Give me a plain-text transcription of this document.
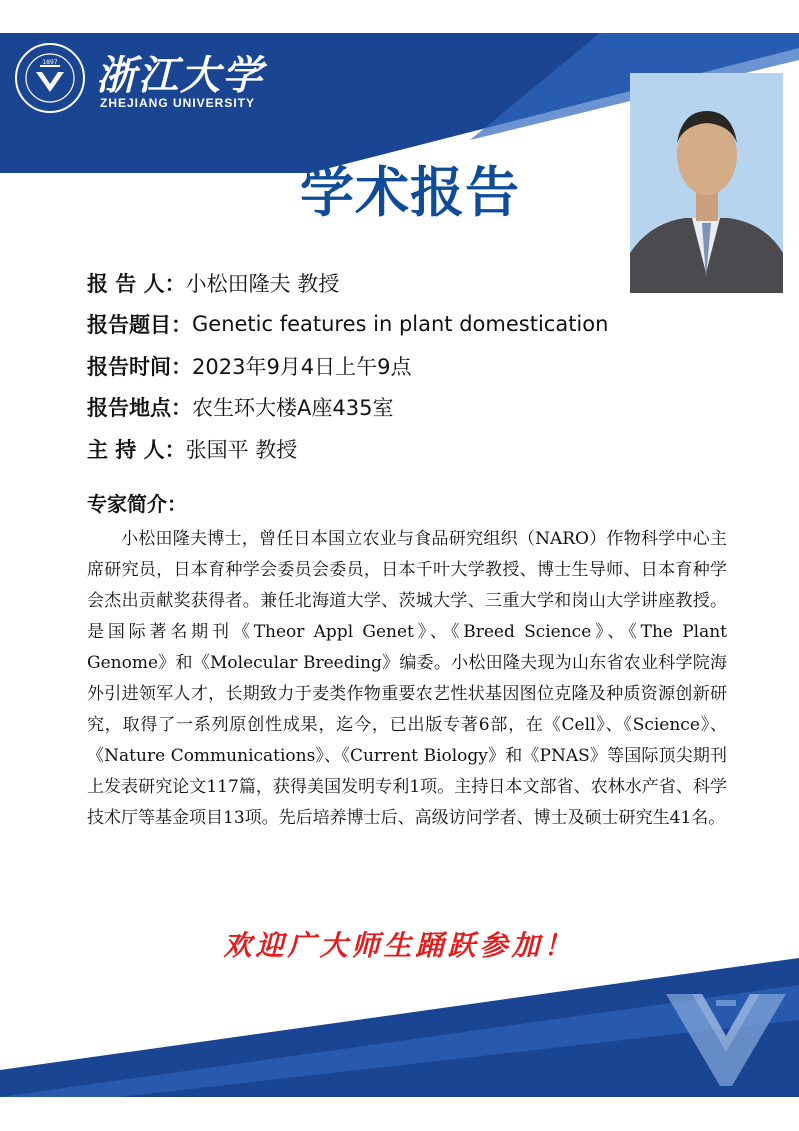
1897 浙江大学
ZHEJIANG UNIVERSITY
学术报告
报 告 人： 小松田隆夫 教授
报告题目： Genetic features in plant domestication
报告时间： 2023年9月4日上午9点
报告地点： 农生环大楼A座435室
主 持 人： 张国平 教授
专家简介：

小松田隆夫博士，曾任日本国立农业与食品研究组织（NARO）作物科学中心主席研究员，日本育种学会委员会委员，日本千叶大学教授、博士生导师、日本育种学会杰出贡献奖获得者。兼任北海道大学、茨城大学、三重大学和岗山大学讲座教授。是国际著名期刊《Theor Appl Genet》、《Breed Science》、《The Plant Genome》和《Molecular Breeding》编委。小松田隆夫现为山东省农业科学院海外引进领军人才，长期致力于麦类作物重要农艺性状基因图位克隆及种质资源创新研究，取得了一系列原创性成果，迄今，已出版专著6部，在《Cell》、《Science》、《Nature Communications》、《Current Biology》和《PNAS》等国际顶尖期刊上发表研究论文117篇，获得美国发明专利1项。主持日本文部省、农林水产省、科学技术厅等基金项目13项。先后培养博士后、高级访问学者、博士及硕士研究生41名。

欢迎广大师生踊跃参加！
